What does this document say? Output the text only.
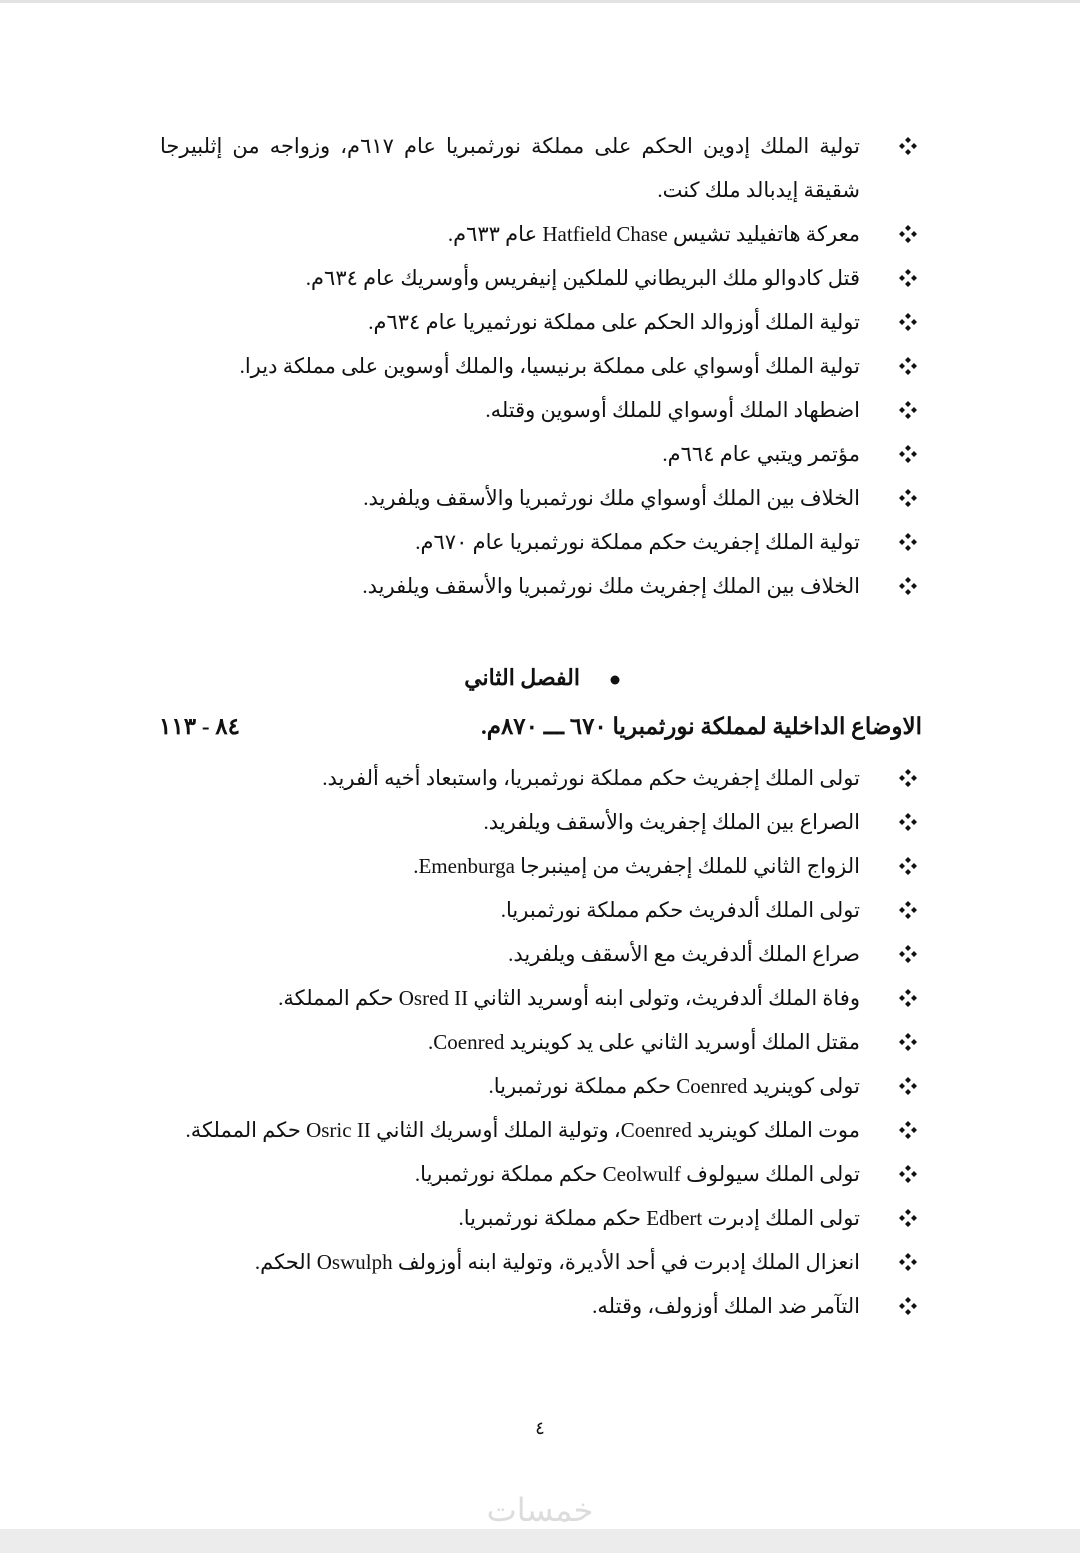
تولية الملك إدوين الحكم على مملكة نورثمبريا عام ٦١٧م، وزواجه من إثلبيرجا شقيقة إيدبالد ملك كنت.
معركة هاتفيليد تشيس Hatfield Chase عام ٦٣٣م.
قتل كادوالو ملك البريطاني للملكين إنيفريس وأوسريك عام ٦٣٤م.
تولية الملك أوزوالد الحكم على مملكة نورثميريا عام ٦٣٤م.
تولية الملك أوسواي على مملكة برنيسيا، والملك أوسوين على مملكة ديرا.
اضطهاد الملك أوسواي للملك أوسوين وقتله.
مؤتمر ويتبي عام ٦٦٤م.
الخلاف بين الملك أوسواي ملك نورثمبريا والأسقف ويلفريد.
تولية الملك إجفريث حكم مملكة نورثمبريا عام ٦٧٠م.
الخلاف بين الملك إجفريث ملك نورثمبريا والأسقف ويلفريد.
الفصل الثاني
الاوضاع الداخلية لمملكة نورثمبريا ٦٧٠ ـــ ٨٧٠م.
٨٤ - ١١٣
تولى الملك إجفريث حكم مملكة نورثمبريا، واستبعاد أخيه ألفريد.
الصراع بين الملك إجفريث والأسقف ويلفريد.
الزواج الثاني للملك إجفريث من إمينبرجا Emenburga.
تولى الملك ألدفريث حكم مملكة نورثمبريا.
صراع الملك ألدفريث مع الأسقف ويلفريد.
وفاة الملك ألدفريث، وتولى ابنه أوسريد الثاني Osred II حكم المملكة.
مقتل الملك أوسريد الثاني على يد كوينريد Coenred.
تولى كوينريد Coenred حكم مملكة نورثمبريا.
موت الملك كوينريد Coenred، وتولية الملك أوسريك الثاني Osric II حكم المملكة.
تولى الملك سيولوف Ceolwulf حكم مملكة نورثمبريا.
تولى الملك إدبرت Edbert حكم مملكة نورثمبريا.
انعزال الملك إدبرت في أحد الأديرة، وتولية ابنه أوزولف Oswulph الحكم.
التآمر ضد الملك أوزولف، وقتله.
٤
خمسات
